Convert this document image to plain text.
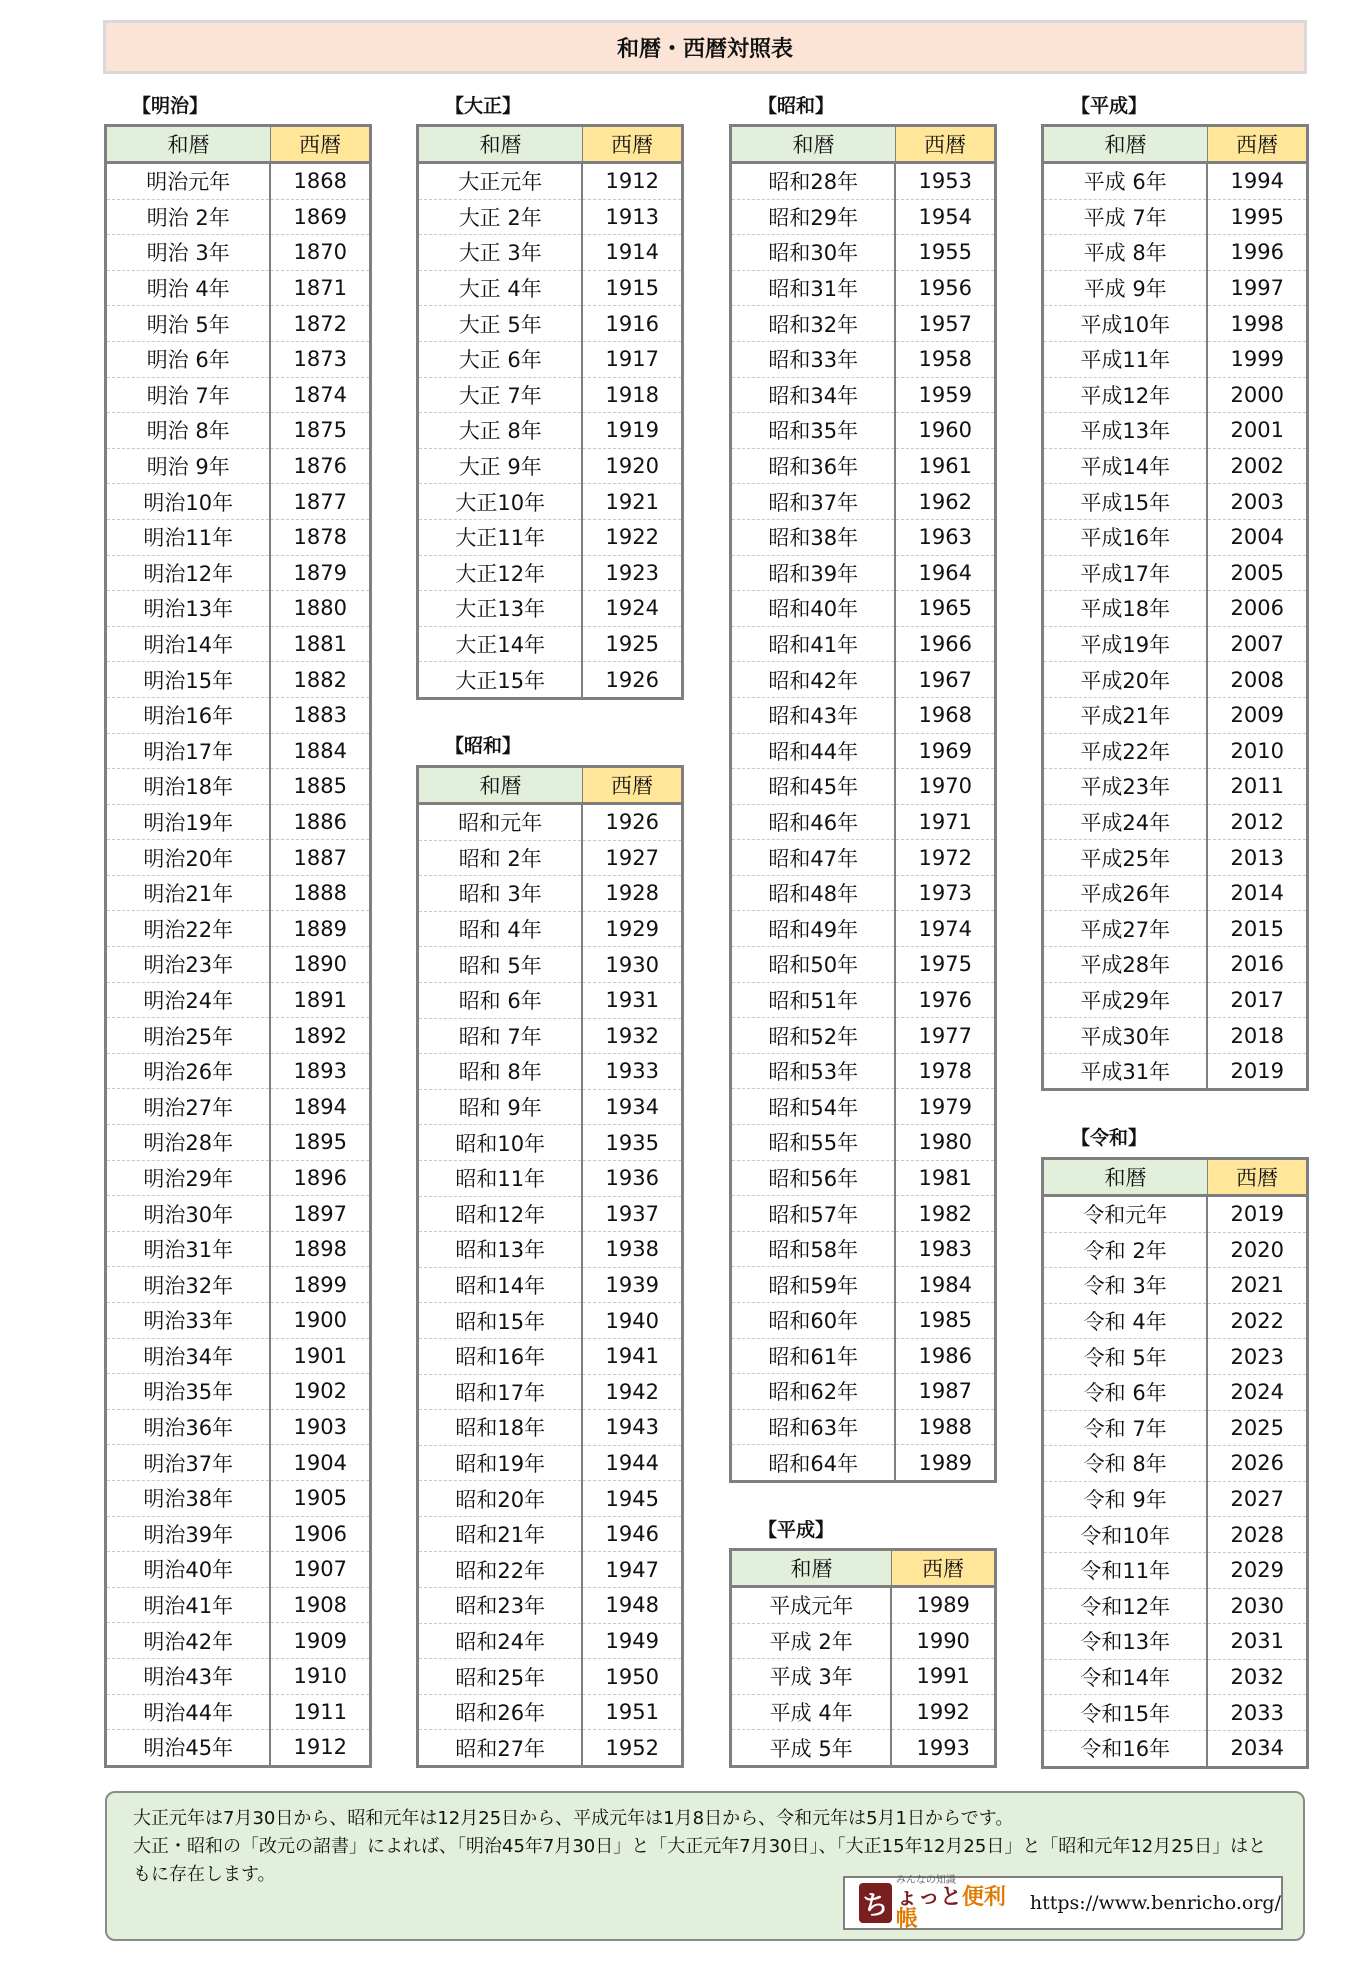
和暦・西暦対照表
【明治】
和暦	西暦
明治元年	1868
明治 2年	1869
明治 3年	1870
明治 4年	1871
明治 5年	1872
明治 6年	1873
明治 7年	1874
明治 8年	1875
明治 9年	1876
明治10年	1877
明治11年	1878
明治12年	1879
明治13年	1880
明治14年	1881
明治15年	1882
明治16年	1883
明治17年	1884
明治18年	1885
明治19年	1886
明治20年	1887
明治21年	1888
明治22年	1889
明治23年	1890
明治24年	1891
明治25年	1892
明治26年	1893
明治27年	1894
明治28年	1895
明治29年	1896
明治30年	1897
明治31年	1898
明治32年	1899
明治33年	1900
明治34年	1901
明治35年	1902
明治36年	1903
明治37年	1904
明治38年	1905
明治39年	1906
明治40年	1907
明治41年	1908
明治42年	1909
明治43年	1910
明治44年	1911
明治45年	1912
【大正】
和暦	西暦
大正元年	1912
大正 2年	1913
大正 3年	1914
大正 4年	1915
大正 5年	1916
大正 6年	1917
大正 7年	1918
大正 8年	1919
大正 9年	1920
大正10年	1921
大正11年	1922
大正12年	1923
大正13年	1924
大正14年	1925
大正15年	1926
【昭和】
和暦	西暦
昭和元年	1926
昭和 2年	1927
昭和 3年	1928
昭和 4年	1929
昭和 5年	1930
昭和 6年	1931
昭和 7年	1932
昭和 8年	1933
昭和 9年	1934
昭和10年	1935
昭和11年	1936
昭和12年	1937
昭和13年	1938
昭和14年	1939
昭和15年	1940
昭和16年	1941
昭和17年	1942
昭和18年	1943
昭和19年	1944
昭和20年	1945
昭和21年	1946
昭和22年	1947
昭和23年	1948
昭和24年	1949
昭和25年	1950
昭和26年	1951
昭和27年	1952
【昭和】
和暦	西暦
昭和28年	1953
昭和29年	1954
昭和30年	1955
昭和31年	1956
昭和32年	1957
昭和33年	1958
昭和34年	1959
昭和35年	1960
昭和36年	1961
昭和37年	1962
昭和38年	1963
昭和39年	1964
昭和40年	1965
昭和41年	1966
昭和42年	1967
昭和43年	1968
昭和44年	1969
昭和45年	1970
昭和46年	1971
昭和47年	1972
昭和48年	1973
昭和49年	1974
昭和50年	1975
昭和51年	1976
昭和52年	1977
昭和53年	1978
昭和54年	1979
昭和55年	1980
昭和56年	1981
昭和57年	1982
昭和58年	1983
昭和59年	1984
昭和60年	1985
昭和61年	1986
昭和62年	1987
昭和63年	1988
昭和64年	1989
【平成】
和暦	西暦
平成元年	1989
平成 2年	1990
平成 3年	1991
平成 4年	1992
平成 5年	1993
【平成】
和暦	西暦
平成 6年	1994
平成 7年	1995
平成 8年	1996
平成 9年	1997
平成10年	1998
平成11年	1999
平成12年	2000
平成13年	2001
平成14年	2002
平成15年	2003
平成16年	2004
平成17年	2005
平成18年	2006
平成19年	2007
平成20年	2008
平成21年	2009
平成22年	2010
平成23年	2011
平成24年	2012
平成25年	2013
平成26年	2014
平成27年	2015
平成28年	2016
平成29年	2017
平成30年	2018
平成31年	2019
【令和】
和暦	西暦
令和元年	2019
令和 2年	2020
令和 3年	2021
令和 4年	2022
令和 5年	2023
令和 6年	2024
令和 7年	2025
令和 8年	2026
令和 9年	2027
令和10年	2028
令和11年	2029
令和12年	2030
令和13年	2031
令和14年	2032
令和15年	2033
令和16年	2034

大正元年は7月30日から、昭和元年は12月25日から、平成元年は1月8日から、令和元年は5月1日からです。

大正・昭和の「改元の詔書」によれば、「明治45年7月30日」と「大正元年7月30日」、「大正15年12月25日」と「昭和元年12月25日」はともに存在します。

ち
みんなの知識
ょっと便利帳
https://www.benricho.org/
